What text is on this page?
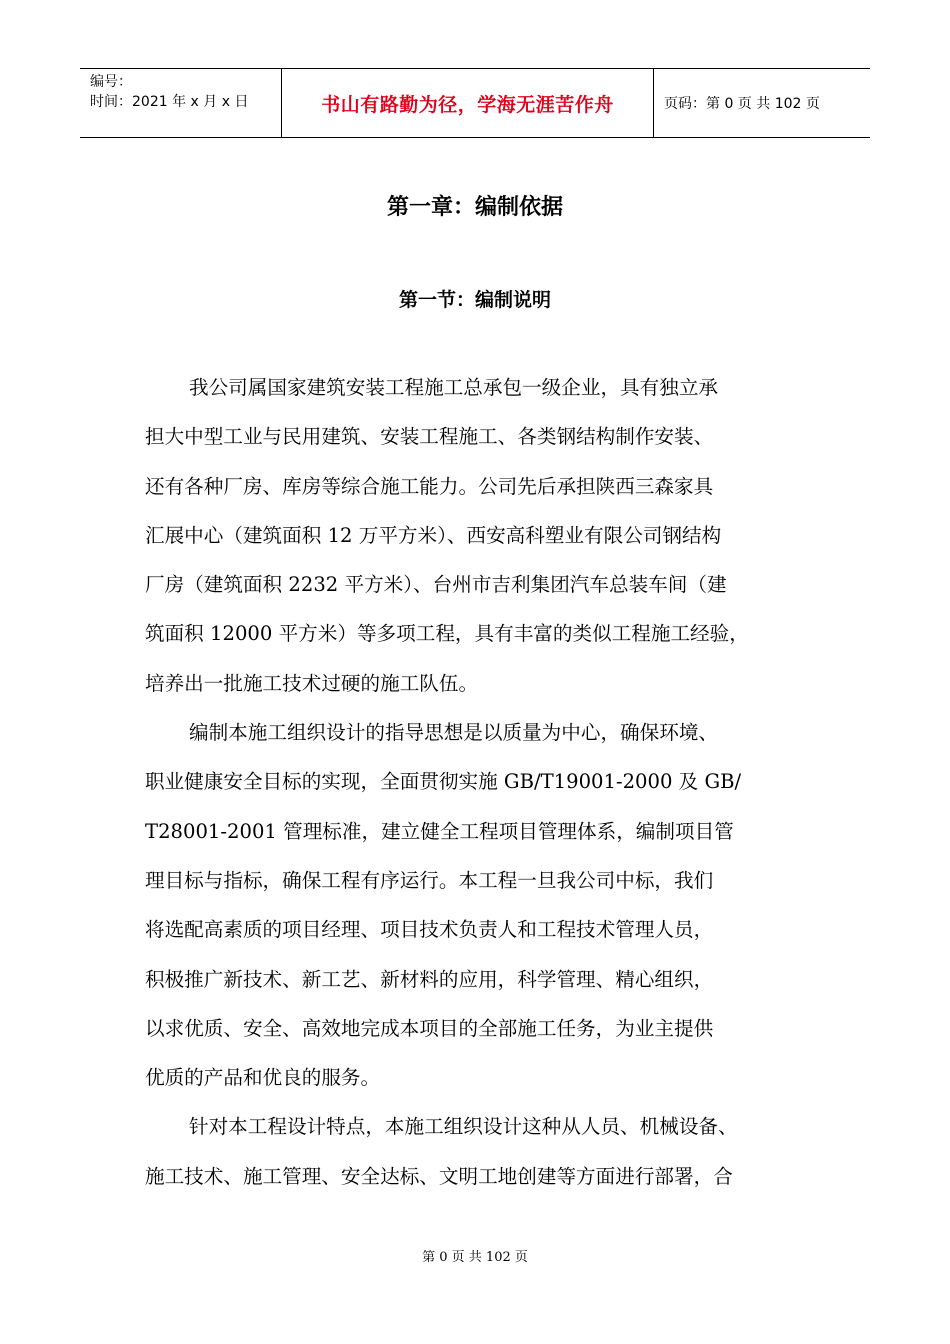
编号：
时间：2021 年 x 月 x 日	书山有路勤为径，学海无涯苦作舟	页码：第 0 页 共 102 页
第一章：编制依据
第一节：编制说明
我公司属国家建筑安装工程施工总承包一级企业，具有独立承
担大中型工业与民用建筑、安装工程施工、各类钢结构制作安装、
还有各种厂房、库房等综合施工能力。公司先后承担陕西三森家具
汇展中心（建筑面积 12 万平方米）、西安高科塑业有限公司钢结构
厂房（建筑面积 2232 平方米）、台州市吉利集团汽车总装车间（建
筑面积 12000 平方米）等多项工程，具有丰富的类似工程施工经验，
培养出一批施工技术过硬的施工队伍。
编制本施工组织设计的指导思想是以质量为中心，确保环境、
职业健康安全目标的实现，全面贯彻实施 GB/T19001-2000 及 GB/
T28001-2001 管理标准，建立健全工程项目管理体系，编制项目管
理目标与指标，确保工程有序运行。本工程一旦我公司中标，我们
将选配高素质的项目经理、项目技术负责人和工程技术管理人员，
积极推广新技术、新工艺、新材料的应用，科学管理、精心组织，
以求优质、安全、高效地完成本项目的全部施工任务，为业主提供
优质的产品和优良的服务。
针对本工程设计特点，本施工组织设计这种从人员、机械设备、
施工技术、施工管理、安全达标、文明工地创建等方面进行部署，合
第 0 页 共 102 页
